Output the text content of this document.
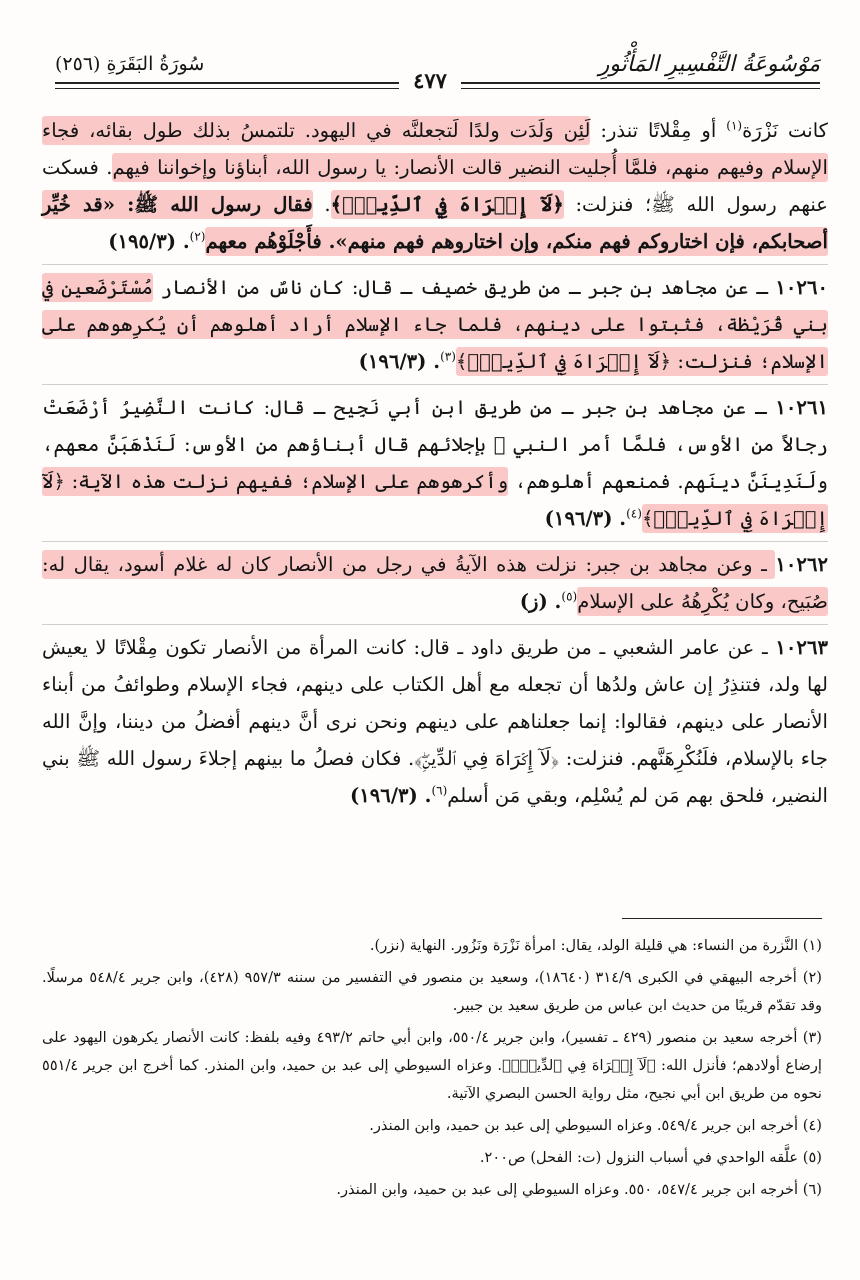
سُورَةُ البَقَرَةِ (٢٥٦)	مَوْسُوعَةُ التَّفْسِيرِ المَأْثُورِ
٤٧٧

كانت نَزْرَة$^{(١)}$ أو مِقْلاتًا تنذر: لَئِن وَلَدَت ولدًا لَتجعلنَّه في اليهود. تلتمسُ بذلك طول بقائه، فجاء الإسلام وفيهم منهم، فلمَّا أُجليت النضير قالت الأنصار: يا رسول الله، أبناؤنا وإخواننا فيهم. فسكت عنهم رسول الله ﷺ؛ فنزلت: ﴿لَآ إِكۡرَاهَ فِي ٱلدِّينِۖ﴾. فقال رسول الله ﷺ: «قد خُيِّر أصحابكم، فإن اختاروكم فهم منكم، وإن اختاروهم فهم منهم». فأَجْلَوْهُم معهم$^{(٢)}$. (١٩٥/٣)

١٠٢٦٠ ـ عن مجاهد بن جبر ـ من طريق خصيف ـ قال: كان ناسٌ من الأنصار مُسْتَرْضَعين في بني قُرَيْظة، فثبتوا على دينهم، فلما جاء الإسلام أراد أهلوهم أن يُكرِهوهم على الإسلام؛ فنزلت: ﴿لَآ إِكۡرَاهَ فِي ٱلدِّينِۖ﴾$^{(٣)}$. (١٩٦/٣)

١٠٢٦١ ـ عن مجاهد بن جبر ـ من طريق ابن أبي نَجِيح ـ قال: كانت النَّضِيرُ أرْضَعَتْ رجالاً من الأوس، فلمَّا أمر النبي ﷺ بإجلائهم قال أبناؤهم من الأوس: لَنَذْهَبَنَّ معهم، ولَنَدِينَنَّ دينَهم. فمنعهم أهلوهم، وأكرهوهم على الإسلام؛ ففيهم نزلت هذه الآية: ﴿لَآ إِكۡرَاهَ فِي ٱلدِّينِۖ﴾$^{(٤)}$. (١٩٦/٣)

١٠٢٦٢ ـ وعن مجاهد بن جبر: نزلت هذه الآيةُ في رجل من الأنصار كان له غلام أسود، يقال له: صُبَيح، وكان يُكْرِهُهُ على الإسلام$^{(٥)}$. (ز)

١٠٢٦٣ ـ عن عامر الشعبي ـ من طريق داود ـ قال: كانت المرأة من الأنصار تكون مِقْلاتًا لا يعيش لها ولد، فتنذِرُ إن عاش ولدُها أن تجعله مع أهل الكتاب على دينهم، فجاء الإسلام وطوائفُ من أبناء الأنصار على دينهم، فقالوا: إنما جعلناهم على دينهم ونحن نرى أنَّ دينهم أفضلُ من ديننا، وإنَّ الله جاء بالإسلام، فلَنُكْرِهَنَّهم. فنزلت: ﴿لَآ إِكۡرَاهَ فِي ٱلدِّينِۖ﴾. فكان فصلُ ما بينهم إجلاءَ رسول الله ﷺ بني النضير، فلحق بهم مَن لم يُسْلِم، وبقي مَن أسلم$^{(٦)}$. (١٩٦/٣)

(١) النَّزرة من النساء: هي قليلة الولد، يقال: امرأة نَزْرَة ونَزُور. النهاية (نزر).

(٢) أخرجه البيهقي في الكبرى ٣١٤/٩ (١٨٦٤٠)، وسعيد بن منصور في التفسير من سننه ٩٥٧/٣ (٤٢٨)، وابن جرير ٥٤٨/٤ مرسلًا. وقد تقدّم قريبًا من حديث ابن عباس من طريق سعيد بن جبير.

(٣) أخرجه سعيد بن منصور (٤٢٩ ـ تفسير)، وابن جرير ٥٥٠/٤، وابن أبي حاتم ٤٩٣/٢ وفيه بلفظ: كانت الأنصار يكرهون اليهود على إرضاع أولادهم؛ فأنزل الله: ﴿لَآ إِكۡرَاهَ فِي ٱلدِّينِۖ﴾. وعزاه السيوطي إلى عبد بن حميد، وابن المنذر. كما أخرج ابن جرير ٥٥١/٤ نحوه من طريق ابن أبي نجيح، مثل رواية الحسن البصري الآتية.

(٤) أخرجه ابن جرير ٥٤٩/٤. وعزاه السيوطي إلى عبد بن حميد، وابن المنذر.

(٥) علَّقه الواحدي في أسباب النزول (ت: الفحل) ص٢٠٠.

(٦) أخرجه ابن جرير ٥٤٧/٤، ٥٥٠. وعزاه السيوطي إلى عبد بن حميد، وابن المنذر.
